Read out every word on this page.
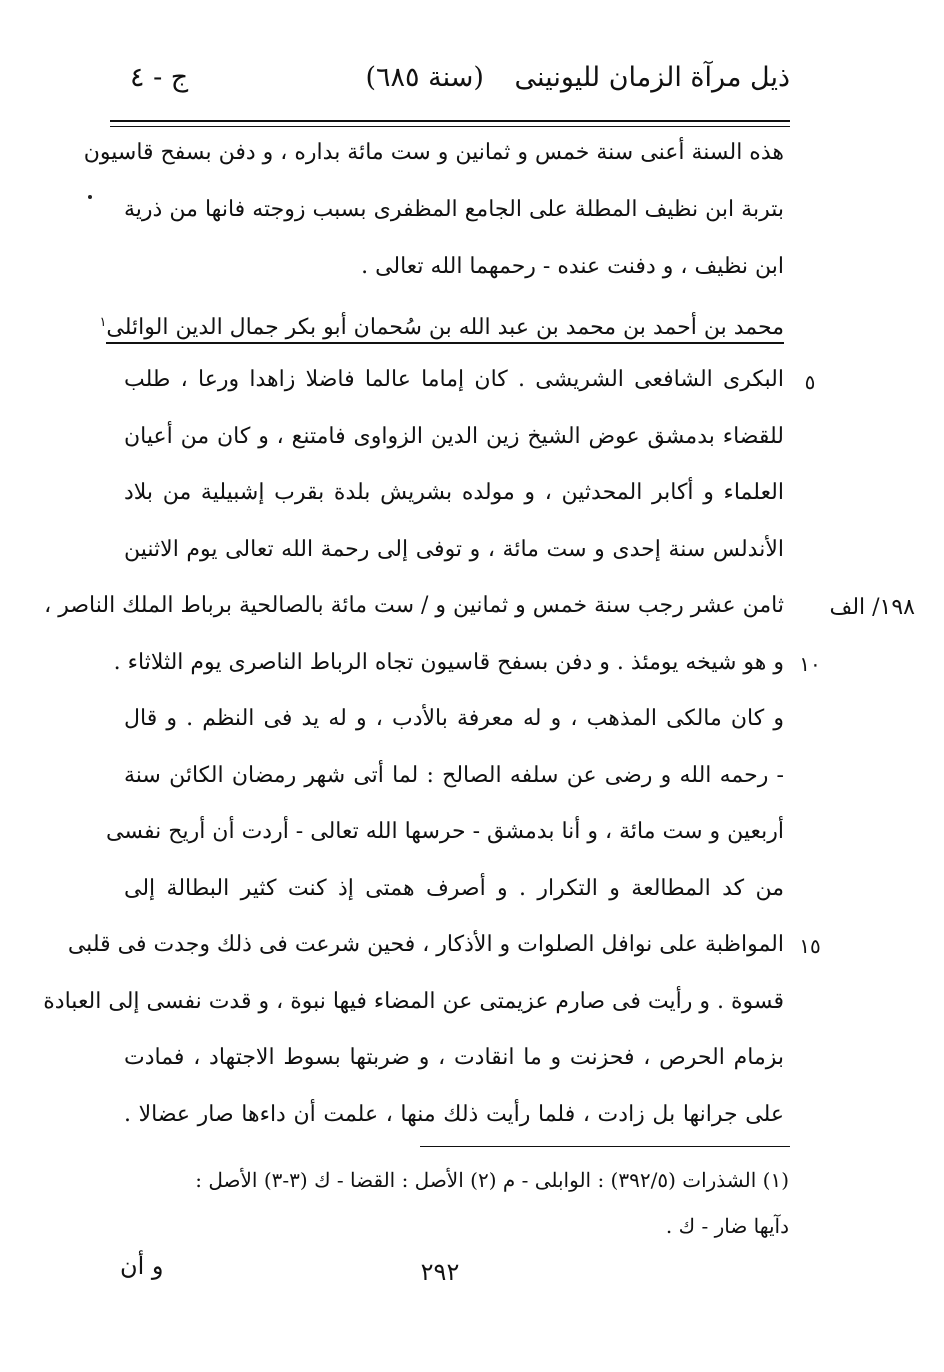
ذيل مرآة الزمان لليونينى (سنة ٦٨٥)
ج - ٤
هذه السنة أعنى سنة خمس و ثمانين و ست مائة بداره ، و دفن بسفح قاسيون
بتربة ابن نظيف المطلة على الجامع المظفرى بسبب زوجته فانها من ذرية
ابن نظيف ، و دفنت عنده - رحمهما الله تعالى .
محمد بن أحمد بن محمد بن عبد الله بن سُحمان أبو بكر جمال الدين الوائلى$^١$
٥
البكرى الشافعى الشريشى . كان إماما عالما فاضلا زاهدا ورعا ، طلب
للقضاء بدمشق عوض الشيخ زين الدين الزواوى فامتنع ، و كان من أعيان
العلماء و أكابر المحدثين ، و مولده بشريش بلدة بقرب إشبيلية من بلاد
الأندلس سنة إحدى و ست مائة ، و توفى إلى رحمة الله تعالى يوم الاثنين
١٩٨/ الف
ثامن عشر رجب سنة خمس و ثمانين و / ست مائة بالصالحية برباط الملك الناصر ،
١٠
و هو شيخه يومئذ . و دفن بسفح قاسيون تجاه الرباط الناصرى يوم الثلاثاء .
و كان مالكى المذهب ، و له معرفة بالأدب ، و له يد فى النظم . و قال
- رحمه الله و رضى عن سلفه الصالح : لما أتى شهر رمضان الكائن سنة
أربعين و ست مائة ، و أنا بدمشق - حرسها الله تعالى - أردت أن أريح نفسى
من كد المطالعة و التكرار . و أصرف همتى إذ كنت كثير البطالة إلى
١٥
المواظبة على نوافل الصلوات و الأذكار ، فحين شرعت فى ذلك وجدت فى قلبى
قسوة . و رأيت فى صارم عزيمتى عن المضاء فيها نبوة ، و قدت نفسى إلى العبادة
بزمام الحرص ، فحزنت و ما انقادت ، و ضربتها بسوط الاجتهاد ، فمادت
على جرانها بل زادت ، فلما رأيت ذلك منها ، علمت أن داءها صار عضالا .
(١) الشذرات (٣٩٢/٥) : الوابلى - م (٢) الأصل : القضا - ك (٣-٣) الأصل :
دآيها ضار - ك .
و أن	٢٩٢
